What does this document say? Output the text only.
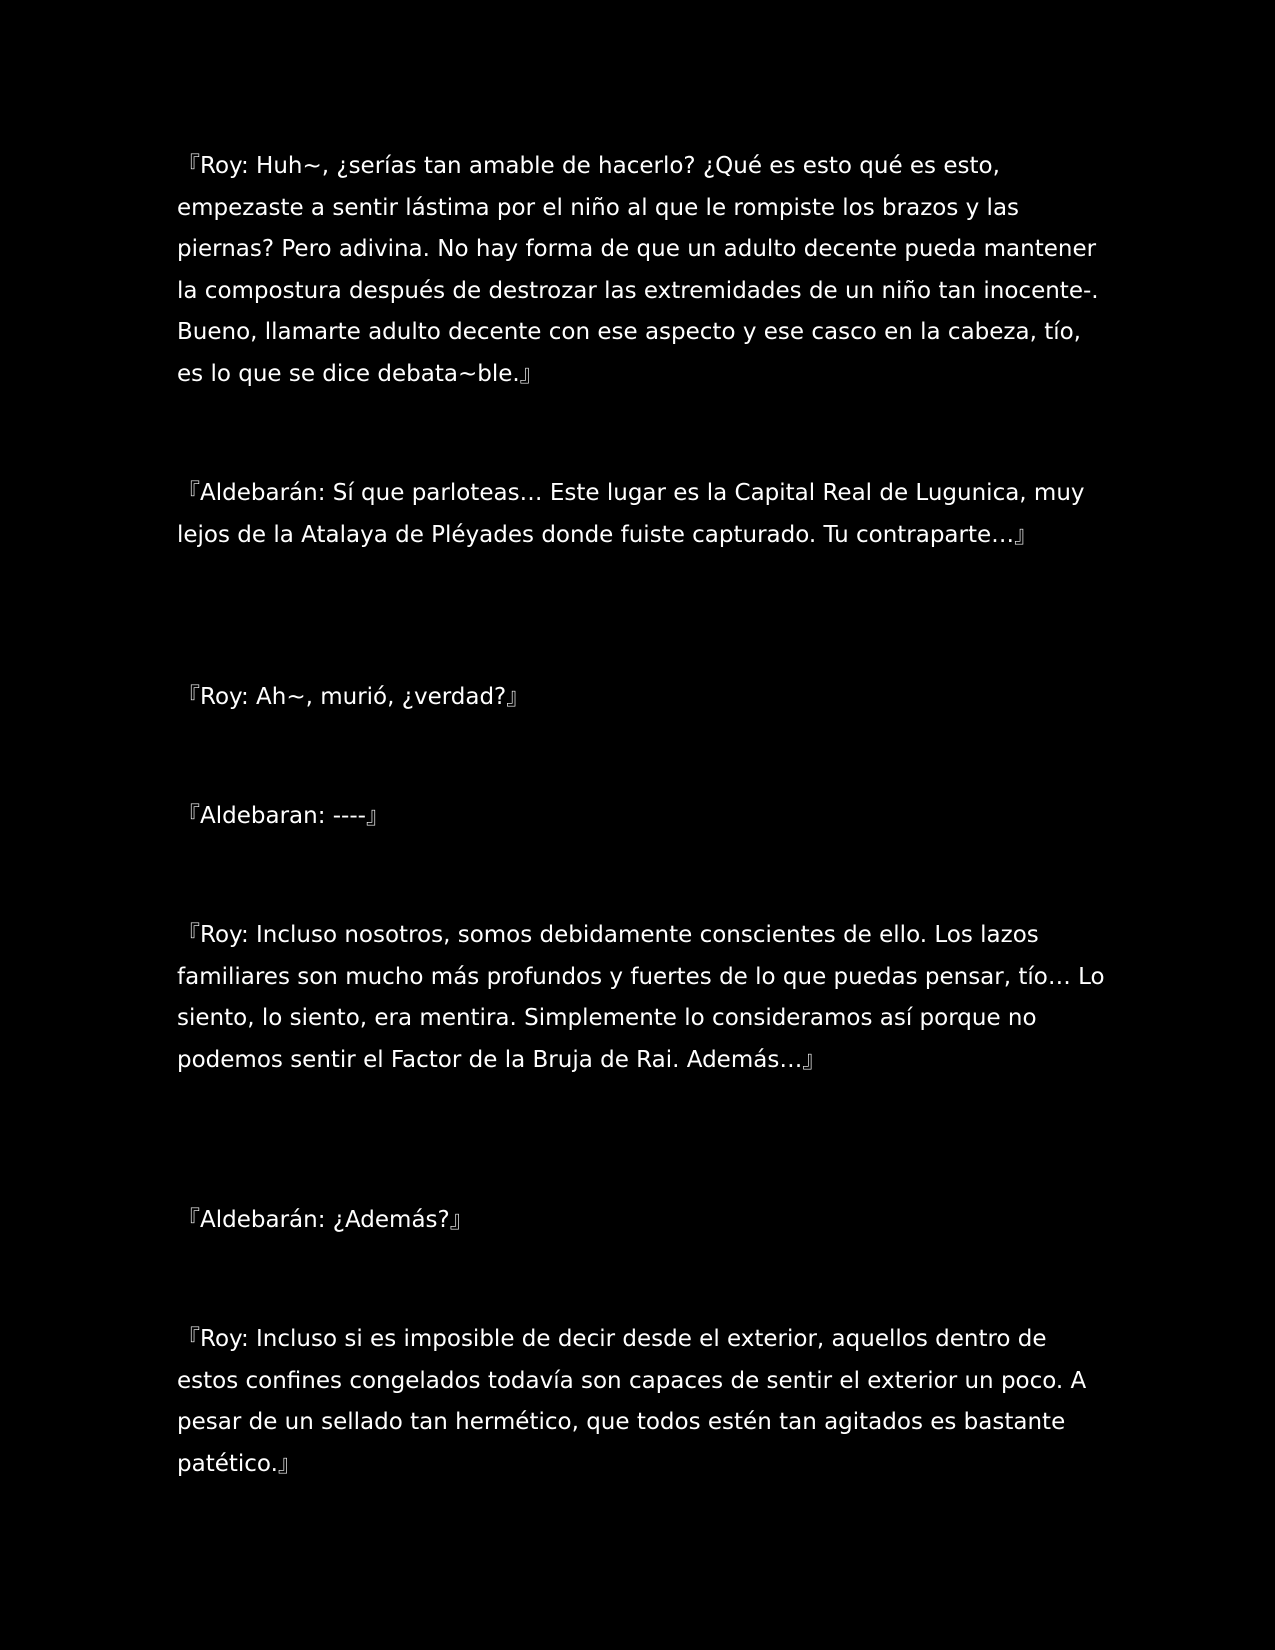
『Roy: Huh~, ¿serías tan amable de hacerlo? ¿Qué es esto qué es esto, empezaste a sentir lástima por el niño al que le rompiste los brazos y las piernas? Pero adivina. No hay forma de que un adulto decente pueda mantener la compostura después de destrozar las extremidades de un niño tan inocente-. Bueno, llamarte adulto decente con ese aspecto y ese casco en la cabeza, tío, es lo que se dice debata~ble.』

『Aldebarán: Sí que parloteas… Este lugar es la Capital Real de Lugunica, muy lejos de la Atalaya de Pléyades donde fuiste capturado. Tu contraparte…』

『Roy: Ah~, murió, ¿verdad?』

『Aldebaran: ----』

『Roy: Incluso nosotros, somos debidamente conscientes de ello. Los lazos familiares son mucho más profundos y fuertes de lo que puedas pensar, tío… Lo siento, lo siento, era mentira. Simplemente lo consideramos así porque no podemos sentir el Factor de la Bruja de Rai. Además…』

『Aldebarán: ¿Además?』

『Roy: Incluso si es imposible de decir desde el exterior, aquellos dentro de estos confines congelados todavía son capaces de sentir el exterior un poco. A pesar de un sellado tan hermético, que todos estén tan agitados es bastante patético.』
